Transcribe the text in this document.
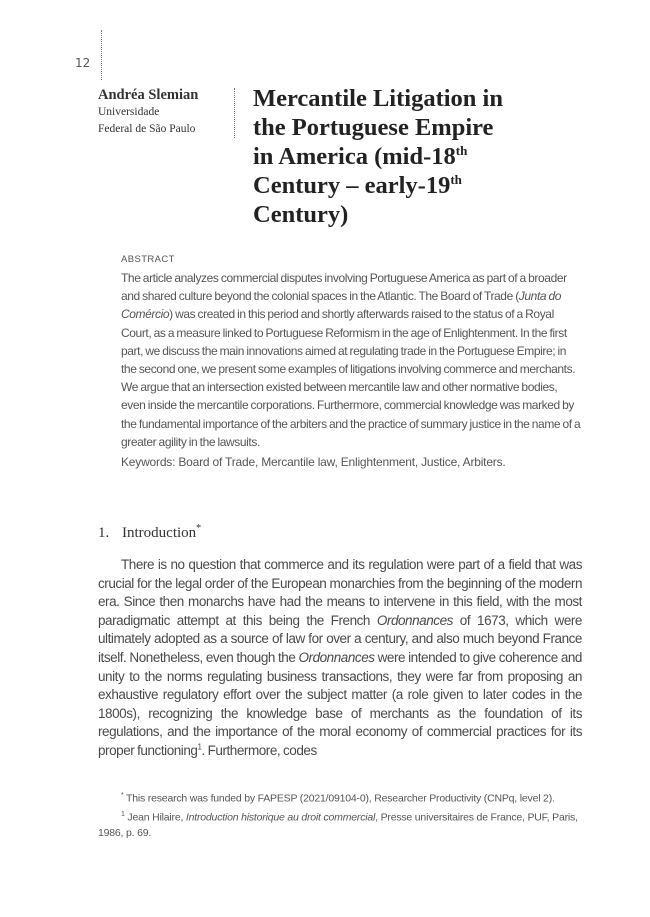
12
Andréa Slemian
Universidade
Federal de São Paulo
Mercantile Litigation in
the Portuguese Empire
in America (mid-18th
Century – early-19th
Century)
ABSTRACT

The article analyzes commercial disputes involving Portuguese America as part of a broader and shared culture beyond the colonial spaces in the Atlantic. The Board of Trade (Junta do Comércio) was created in this period and shortly afterwards raised to the status of a Royal Court, as a measure linked to Portuguese Reformism in the age of Enlightenment. In the first part, we discuss the main innovations aimed at regulating trade in the Portuguese Empire; in the second one, we present some examples of litigations involving commerce and merchants. We argue that an intersection existed between mercantile law and other normative bodies, even inside the mercantile corporations. Furthermore, commercial knowledge was marked by the fundamental importance of the arbiters and the practice of summary justice in the name of a greater agility in the lawsuits.

Keywords: Board of Trade, Mercantile law, Enlightenment, Justice, Arbiters.

1. Introduction*

There is no question that commerce and its regulation were part of a field that was crucial for the legal order of the European monarchies from the beginning of the modern era. Since then monarchs have had the means to intervene in this field, with the most paradigmatic attempt at this being the French Ordonnances of 1673, which were ultimately adopted as a source of law for over a century, and also much beyond France itself. Nonetheless, even though the Ordonnances were intended to give coherence and unity to the norms regulating business transactions, they were far from proposing an exhaustive regulatory effort over the subject matter (a role given to later codes in the 1800s), recognizing the knowledge base of merchants as the foundation of its regulations, and the importance of the moral economy of commercial practices for its proper functioning$^1$. Furthermore, codes

* This research was funded by FAPESP (2021/09104-0), Researcher Productivity (CNPq, level 2).

$^1$ Jean Hilaire, Introduction historique au droit commercial, Presse universitaires de France, PUF, Paris, 1986, p. 69.
